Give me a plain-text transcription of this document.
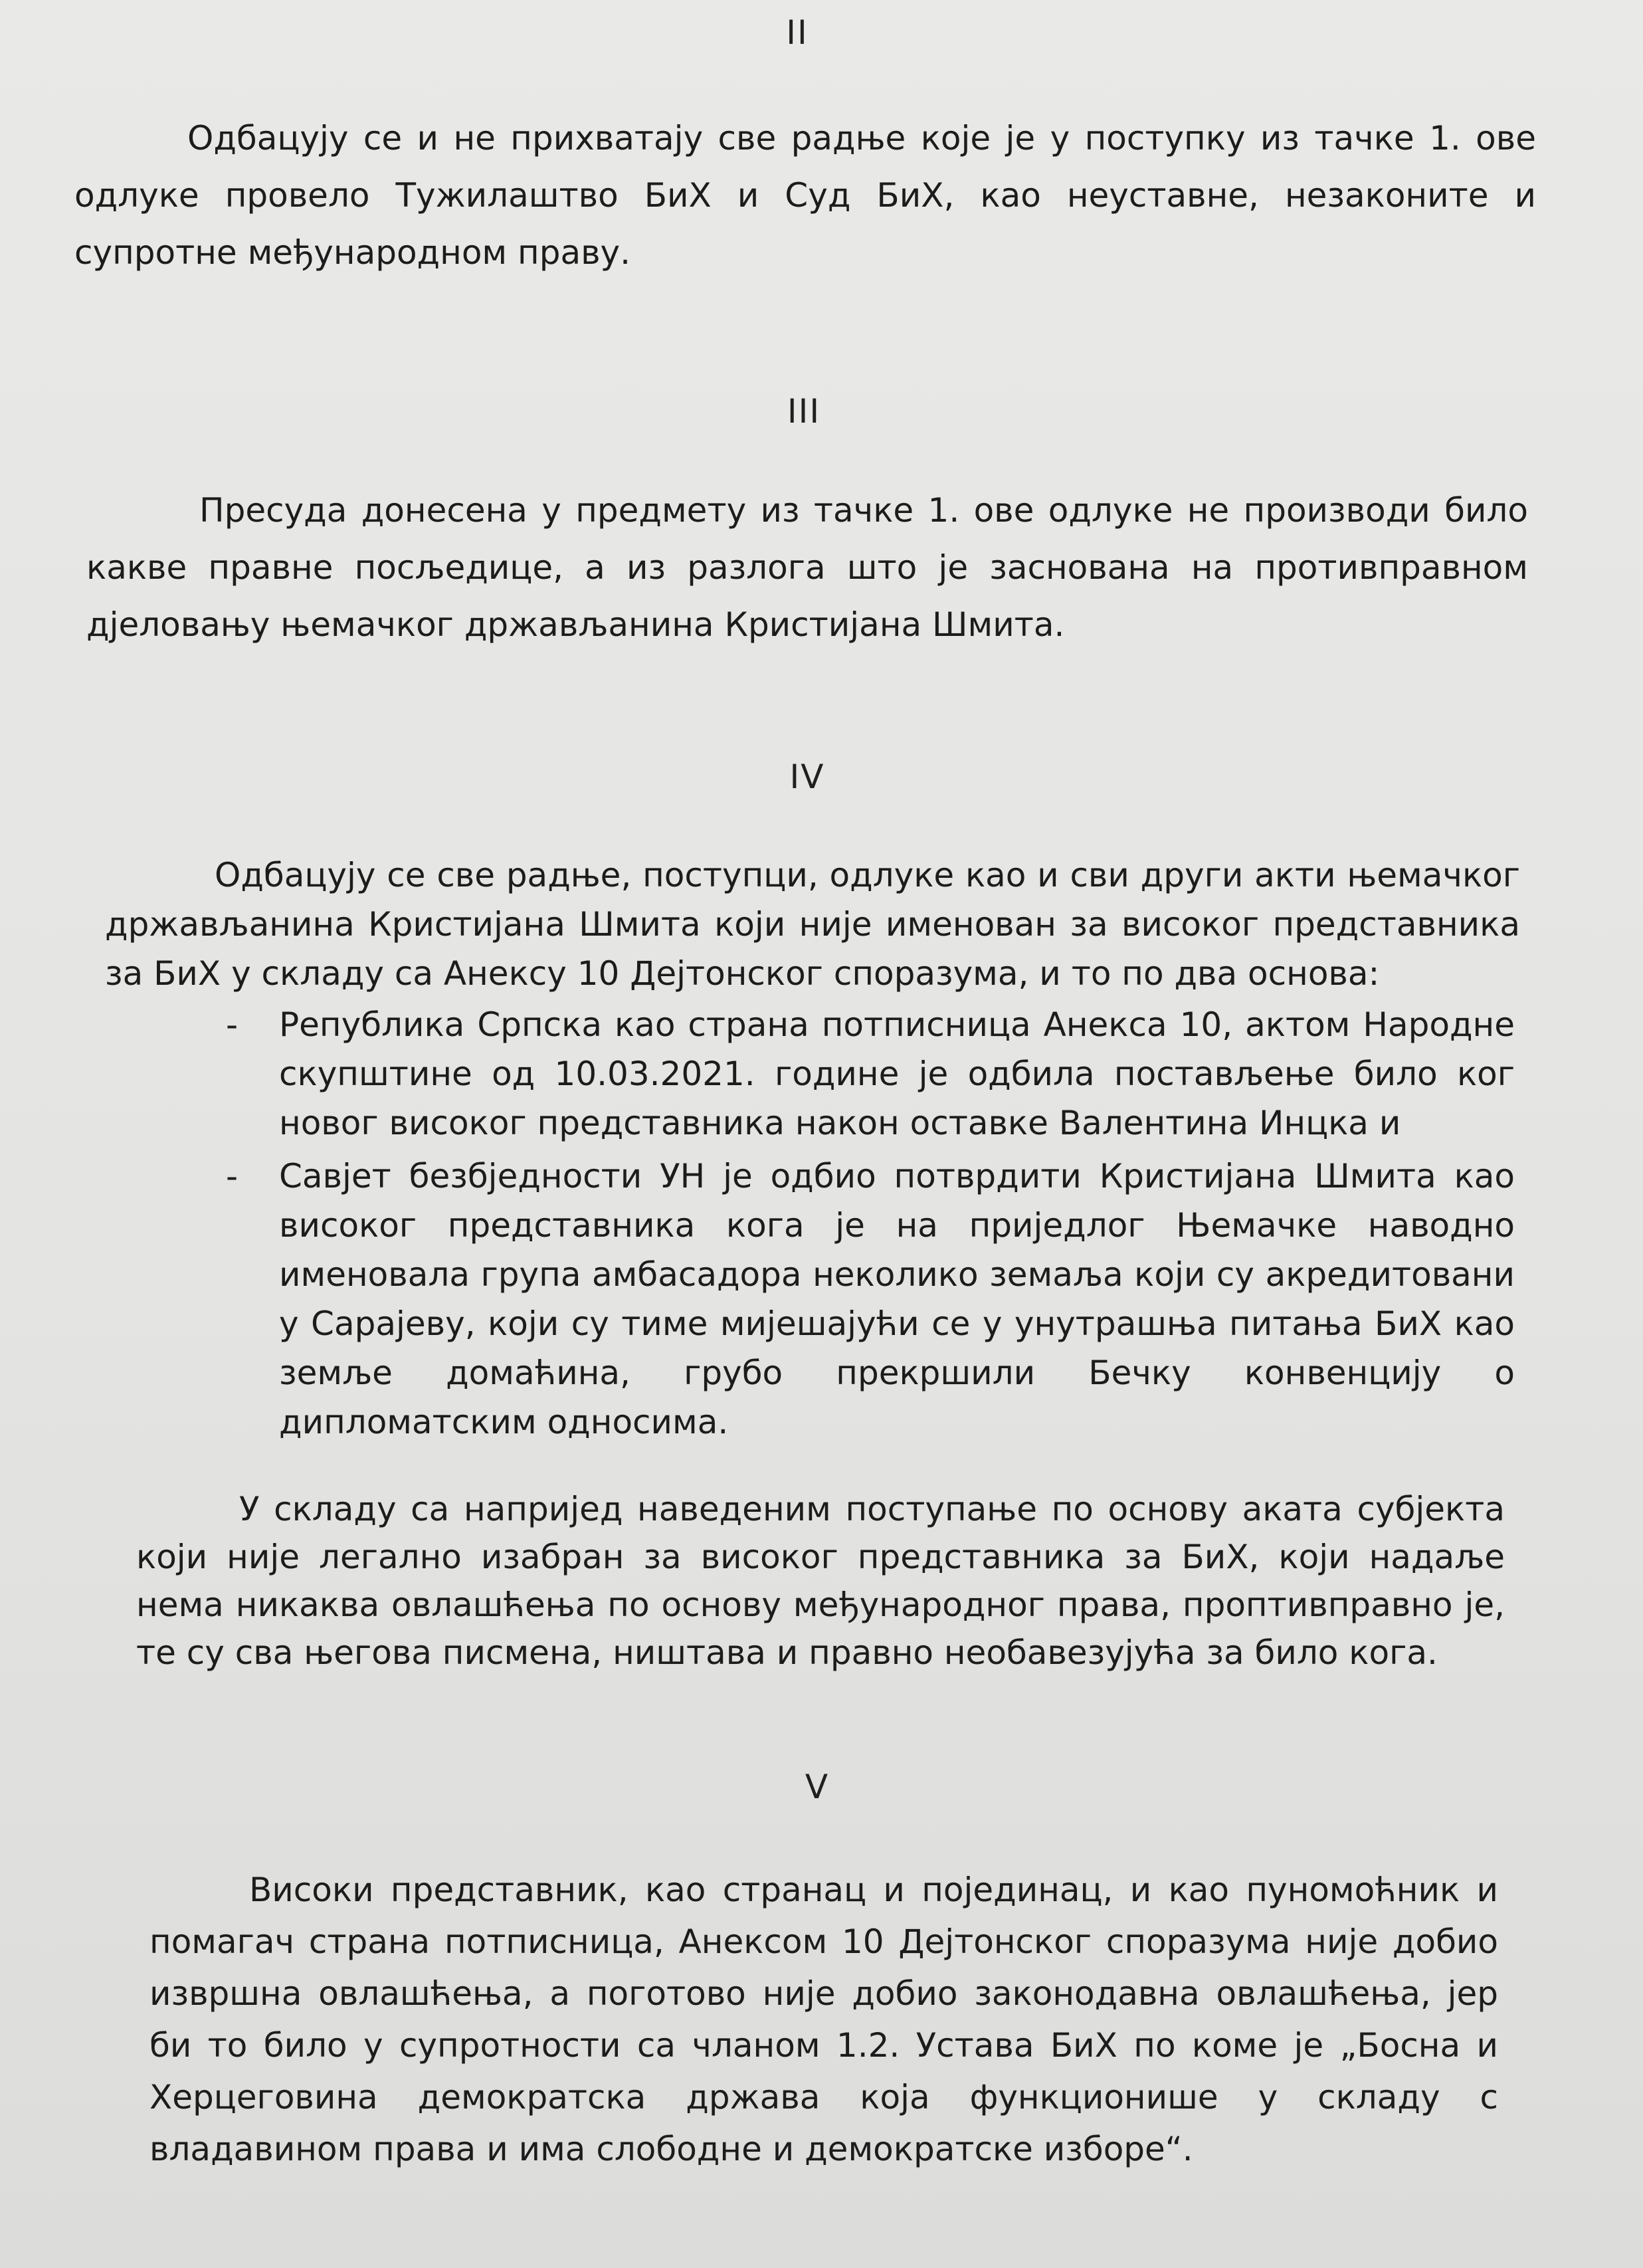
II

Одбацују се и не прихватају све радње које је у поступку из тачке 1. ове одлуке провело Тужилаштво БиХ и Суд БиХ, као неуставне, незаконите и супротне међународном праву.

III

Пресуда донесена у предмету из тачке 1. ове одлуке не производи било какве правне посљедице, а из разлога што је заснована на противправном дјеловању њемачког држављанина Кристијана Шмита.

IV

Одбацују се све радње, поступци, одлуке као и сви други акти њемачког држављанина Кристијана Шмита који није именован за високог представника за БиХ у складу са Анексу 10 Дејтонског споразума, и то по два основа:

- Република Српска као страна потписница Анекса 10, актом Народне скупштине од 10.03.2021. године је одбила постављење било ког новог високог представника након оставке Валентина Инцка и
- Савјет безбједности УН је одбио потврдити Кристијана Шмита као високог представника кога је на приједлог Њемачке наводно именовала група амбасадора неколико земаља који су акредитовани у Сарајеву, који су тиме мијешајући се у унутрашња питања БиХ као земље домаћина, грубо прекршили Бечку конвенцију о дипломатским односима.

У складу са напријед наведеним поступање по основу аката субјекта који није легално изабран за високог представника за БиХ, који надаље нема никаква овлашћења по основу међународног права, проптивправно је, те су сва његова писмена, ништава и правно необавезујућа за било кога.

V

Високи представник, као странац и појединац, и као пуномоћник и помагач страна потписница, Анексом 10 Дејтонског споразума није добио извршна овлашћења, а поготово није добио законодавна овлашћења, јер би то било у супротности са чланом 1.2. Устава БиХ по коме је „Босна и Херцеговина демократска држава која функционише у складу с владавином права и има слободне и демократске изборе“.
